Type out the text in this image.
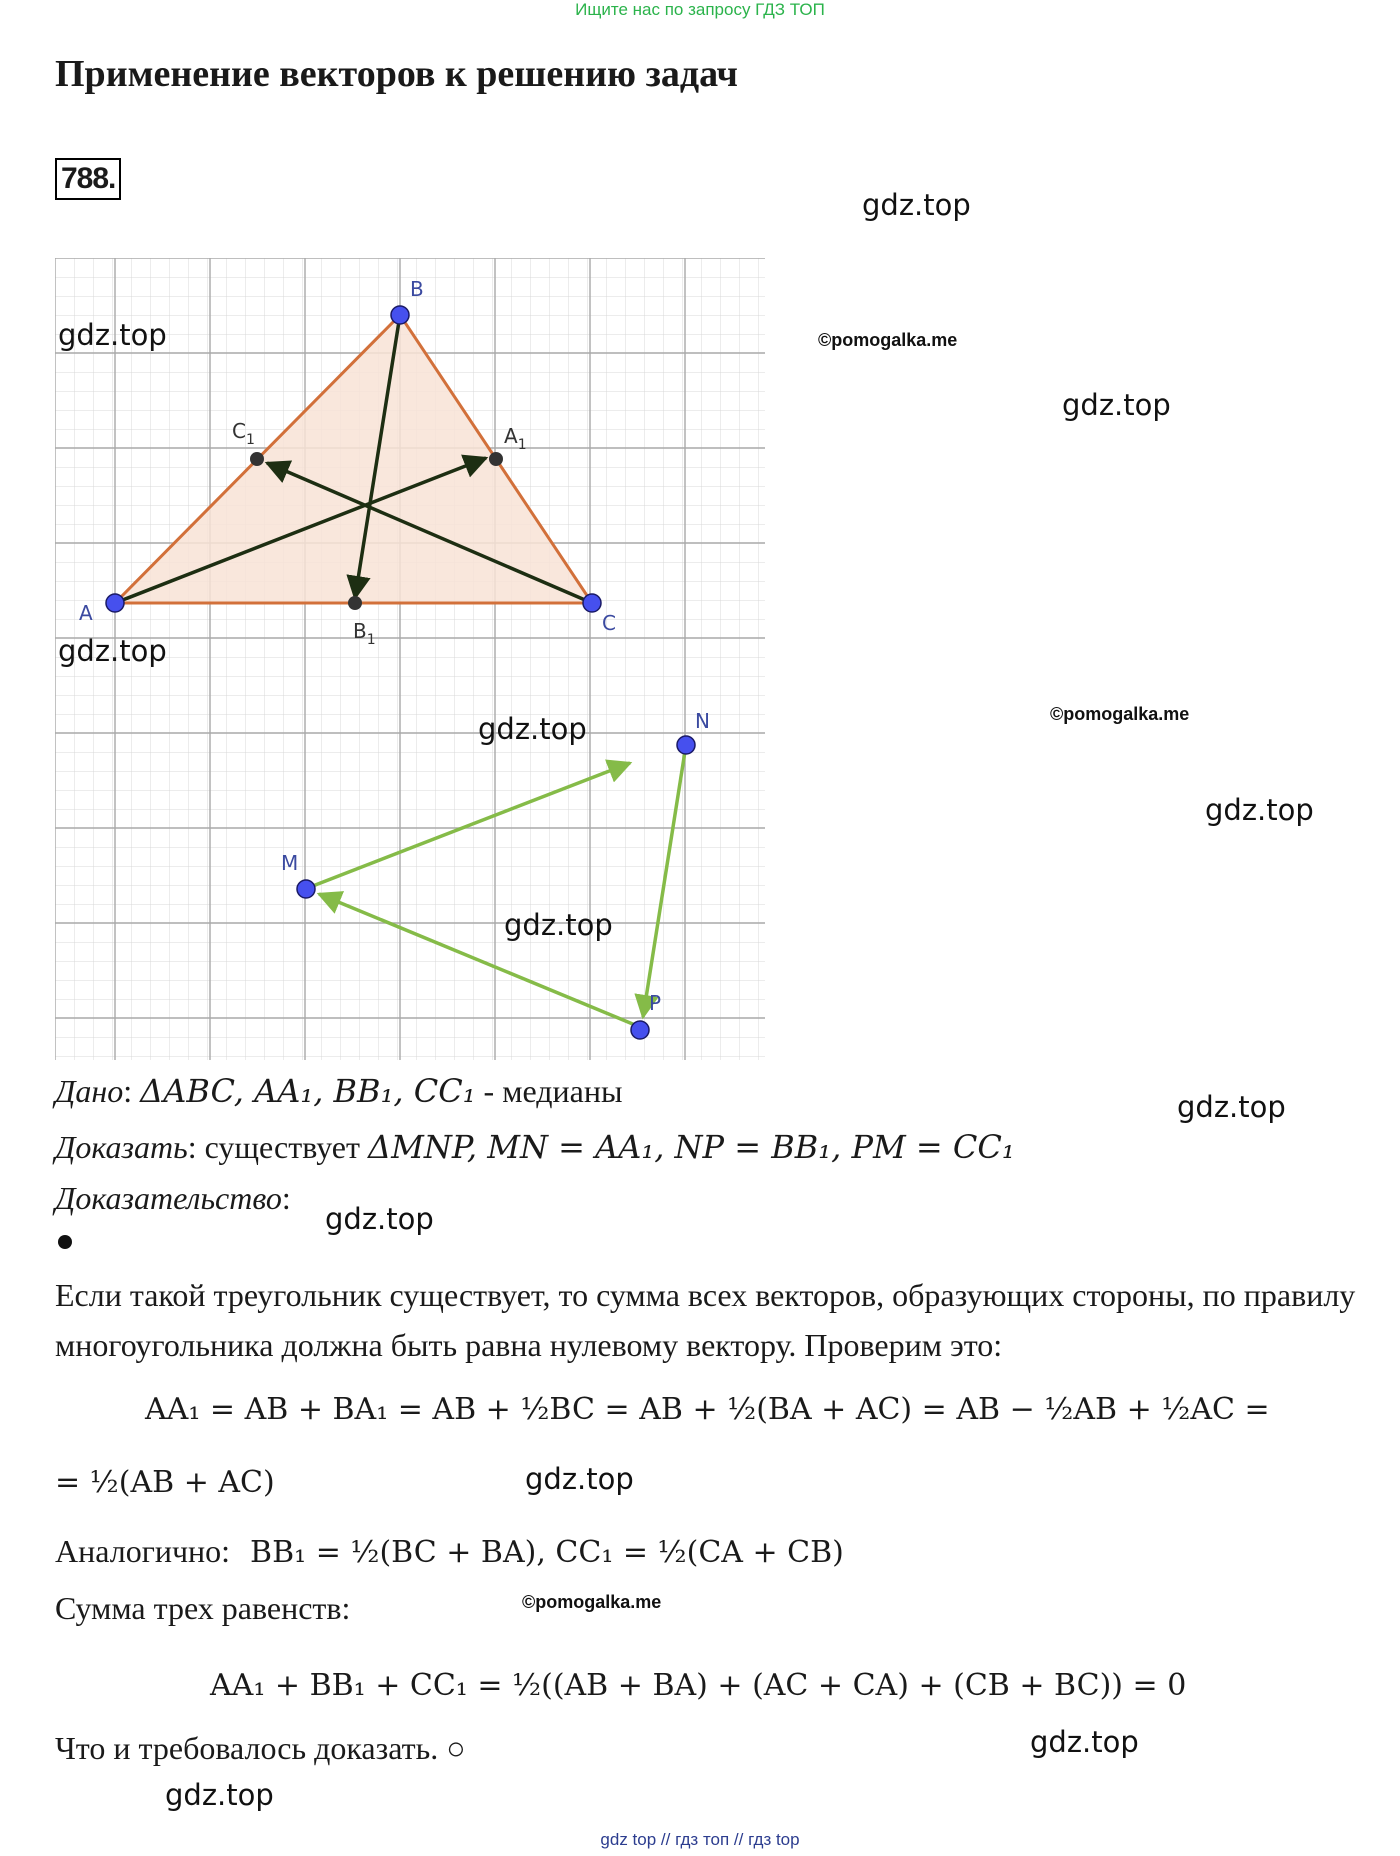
Ищите нас по запросу ГДЗ ТОП
Применение векторов к решению задач
788.
A
B
C
$A_1$
$B_1$
$C_1$
M
N
P
gdz.top
gdz.top
gdz.top
gdz.top
gdz.top
gdz.top
gdz.top
gdz.top
gdz.top
gdz.top
gdz.top
gdz.top
©pomogalka.me
©pomogalka.me
©pomogalka.me
Дано: ΔABC, AA₁, BB₁, CC₁ - медианы
Доказать: существует ΔMNP, MN = AA₁, NP = BB₁, PM = CC₁
Доказательство:
Если такой треугольник существует, то сумма всех векторов, образующих стороны, по правилу многоугольника должна быть равна нулевому вектору. Проверим это:
AA₁ = AB + BA₁ = AB + ½BC = AB + ½(BA + AC) = AB − ½AB + ½AC =
= ½(AB + AC)
Аналогично: BB₁ = ½(BC + BA), CC₁ = ½(CA + CB)
Сумма трех равенств:
AA₁ + BB₁ + CC₁ = ½((AB + BA) + (AC + CA) + (CB + BC)) = 0
Что и требовалось доказать. ○
gdz top // гдз топ // гдз top
